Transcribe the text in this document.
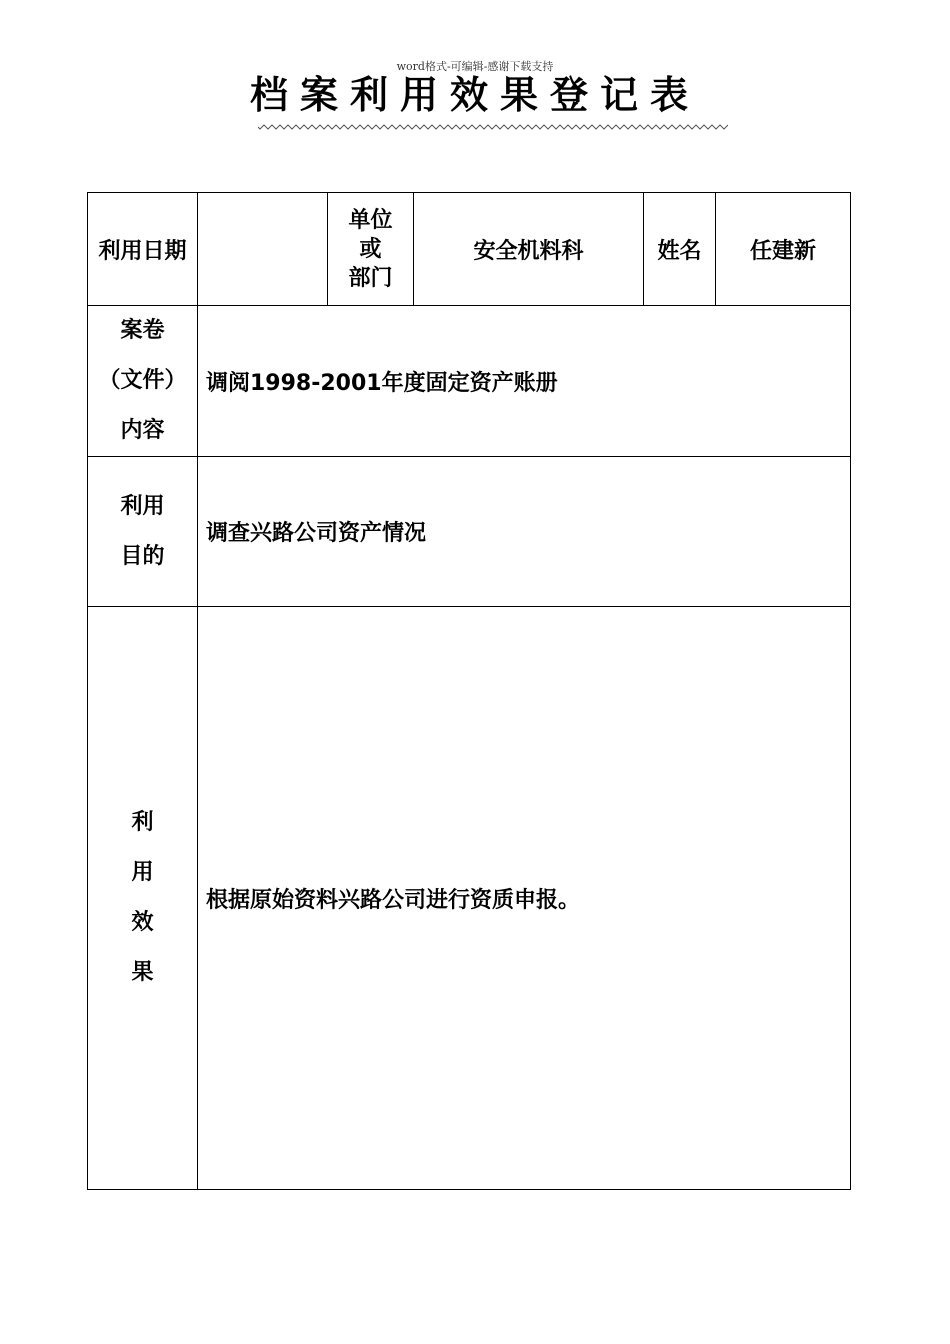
word格式-可编辑-感谢下载支持
档案利用效果登记表
利用日期		单位
或
部门	安全机料科	姓名	任建新

案卷
（文件）
内容	调阅1998-2001年度固定资产账册				

利用
目的	调查兴路公司资产情况				

利
用
效
果	根据原始资料兴路公司进行资质申报。				
